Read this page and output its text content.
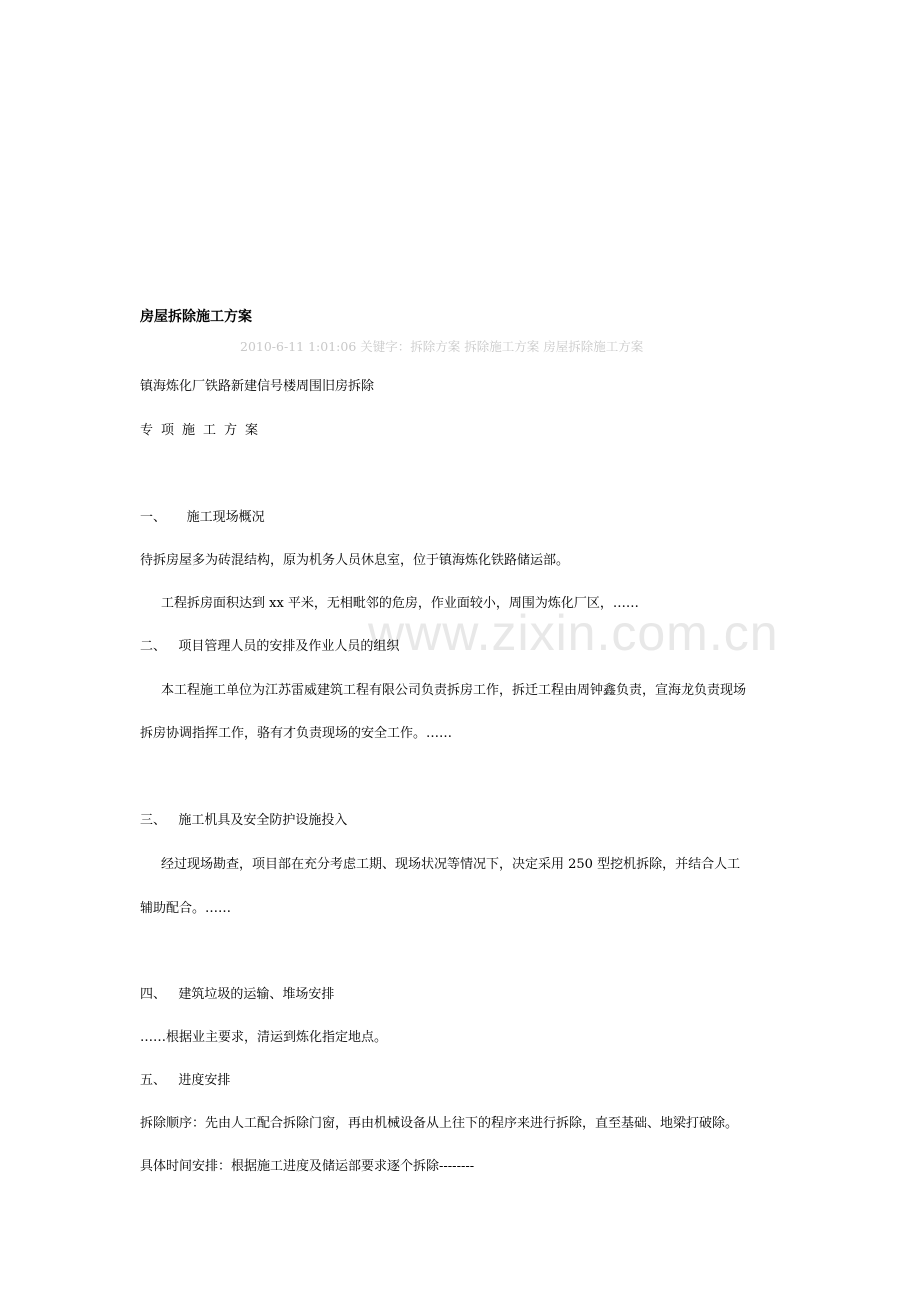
www.zixin.com.cn
房屋拆除施工方案
2010-6-11 1:01:06 关键字：拆除方案 拆除施工方案 房屋拆除施工方案
镇海炼化厂铁路新建信号楼周围旧房拆除
专项施工方案
一、     施工现场概况
待拆房屋多为砖混结构，原为机务人员休息室，位于镇海炼化铁路储运部。
工程拆房面积达到 xx 平米，无相毗邻的危房，作业面较小，周围为炼化厂区，……
二、   项目管理人员的安排及作业人员的组织
本工程施工单位为江苏雷威建筑工程有限公司负责拆房工作，拆迁工程由周钟鑫负责，宣海龙负责现场
拆房协调指挥工作，骆有才负责现场的安全工作。……
三、   施工机具及安全防护设施投入
经过现场勘查，项目部在充分考虑工期、现场状况等情况下，决定采用 250 型挖机拆除，并结合人工
辅助配合。……
四、   建筑垃圾的运输、堆场安排
……根据业主要求，清运到炼化指定地点。
五、   进度安排
拆除顺序：先由人工配合拆除门窗，再由机械设备从上往下的程序来进行拆除，直至基础、地梁打破除。
具体时间安排：根据施工进度及储运部要求逐个拆除--------
